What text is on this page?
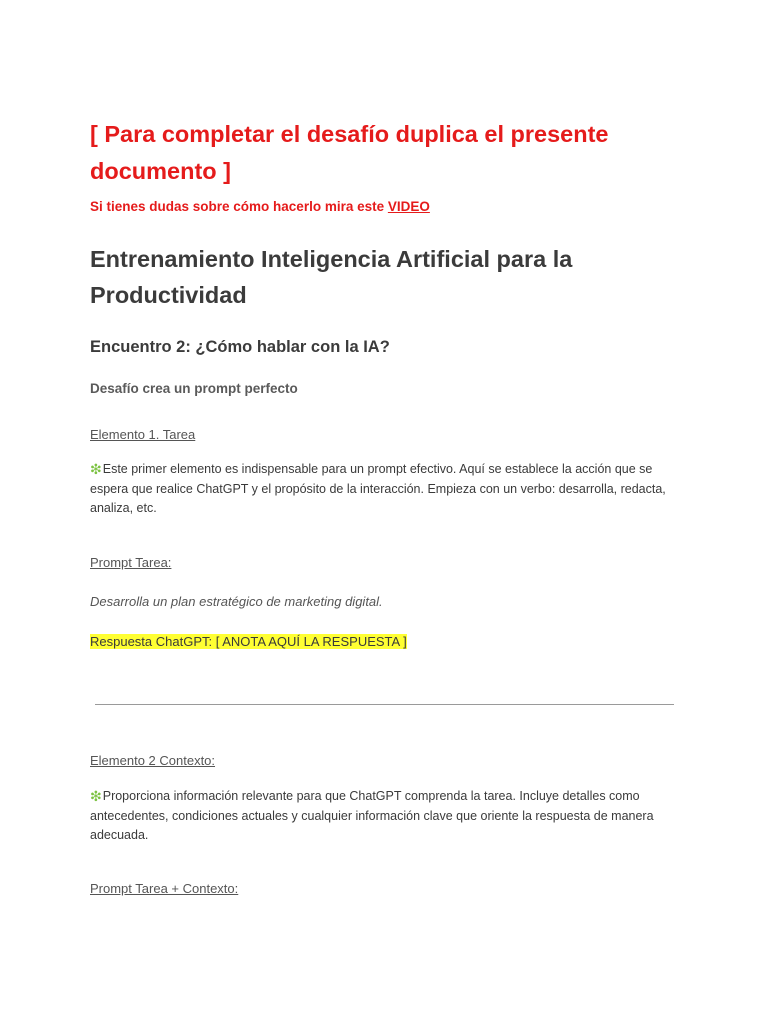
[ Para completar el desafío duplica el presente documento ]

Si tienes dudas sobre cómo hacerlo mira este VIDEO

Entrenamiento Inteligencia Artificial para la Productividad
Encuentro 2: ¿Cómo hablar con la IA?

Desafío crea un prompt perfecto

Elemento 1. Tarea

❇Este primer elemento es indispensable para un prompt efectivo. Aquí se establece la acción que se espera que realice ChatGPT y el propósito de la interacción. Empieza con un verbo: desarrolla, redacta, analiza, etc.

Prompt Tarea:

Desarrolla un plan estratégico de marketing digital.

Respuesta ChatGPT: [ ANOTA AQUÍ LA RESPUESTA ]

Elemento 2 Contexto:

❇Proporciona información relevante para que ChatGPT comprenda la tarea. Incluye detalles como antecedentes, condiciones actuales y cualquier información clave que oriente la respuesta de manera adecuada.

Prompt Tarea + Contexto:
